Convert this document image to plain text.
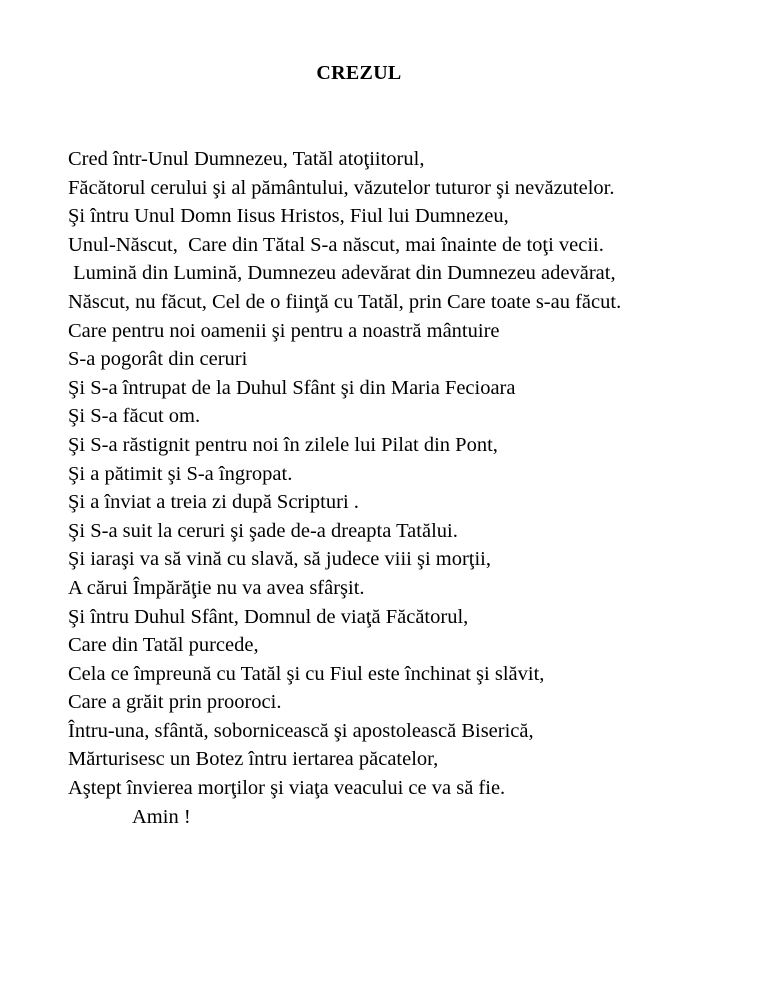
CREZUL
Cred într-Unul Dumnezeu, Tatăl atoţiitorul,
Făcătorul cerului şi al pământului, văzutelor tuturor şi nevăzutelor.
Şi întru Unul Domn Iisus Hristos, Fiul lui Dumnezeu,
Unul-Născut,  Care din Tătal S-a născut, mai înainte de toţi vecii.
Lumină din Lumină, Dumnezeu adevărat din Dumnezeu adevărat,
Născut, nu făcut, Cel de o fiinţă cu Tatăl, prin Care toate s-au făcut.
Care pentru noi oamenii şi pentru a noastră mântuire
S-a pogorât din ceruri
Şi S-a întrupat de la Duhul Sfânt şi din Maria Fecioara
Şi S-a făcut om.
Şi S-a răstignit pentru noi în zilele lui Pilat din Pont,
Şi a pătimit şi S-a îngropat.
Şi a înviat a treia zi după Scripturi .
Şi S-a suit la ceruri şi şade de-a dreapta Tatălui.
Şi iaraşi va să vină cu slavă, să judece viii şi morţii,
A cărui Împărăţie nu va avea sfârşit.
Şi întru Duhul Sfânt, Domnul de viaţă Făcătorul,
Care din Tatăl purcede,
Cela ce împreună cu Tatăl şi cu Fiul este închinat şi slăvit,
Care a grăit prin prooroci.
Întru-una, sfântă, sobornicească şi apostolească Biserică,
Mărturisesc un Botez întru iertarea păcatelor,
Aştept învierea morţilor şi viaţa veacului ce va să fie.
Amin !
